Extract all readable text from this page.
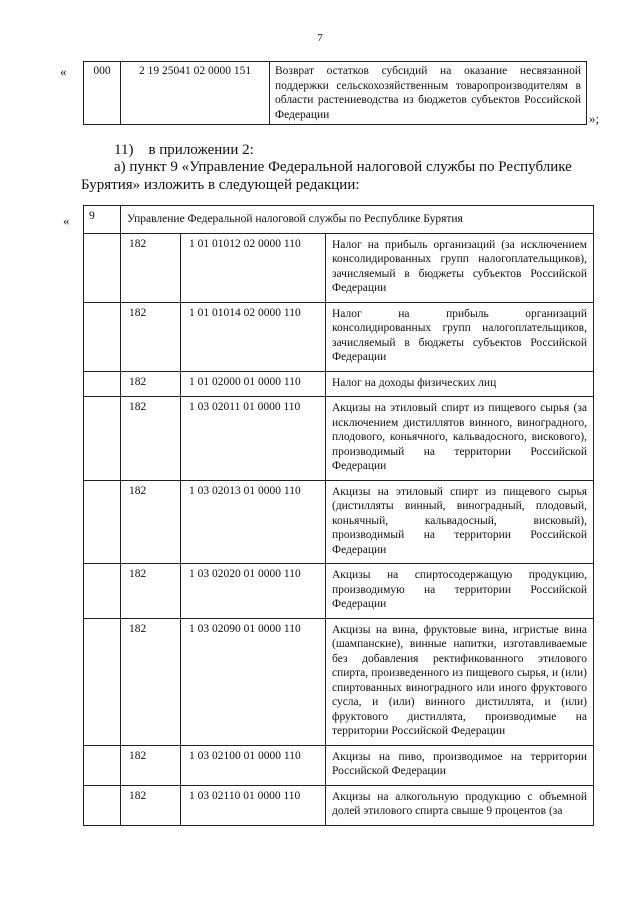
7
« 000	2 19 25041 02 0000 151	Возврат остатков субсидий на оказание несвязанной поддержки сельскохозяйственным товаропроизводителям в области растениеводства из бюджетов субъектов Российской Федерации	»;
11)    в приложении 2:
а) пункт 9 «Управление Федеральной налоговой службы по Республике
Бурятия» изложить в следующей редакции:
« 9	Управление Федеральной налоговой службы по Республике Бурятия		
	182	1 01 01012 02 0000 110	Налог на прибыль организаций (за исключением консолидированных групп налогоплательщиков), зачисляемый в бюджеты субъектов Российской Федерации
	182	1 01 01014 02 0000 110	Налог на прибыль организаций консолидированных групп налогоплательщиков, зачисляемый в бюджеты субъектов Российской Федерации
	182	1 01 02000 01 0000 110	Налог на доходы физических лиц
	182	1 03 02011 01 0000 110	Акцизы на этиловый спирт из пищевого сырья (за исключением дистиллятов винного, виноградного, плодового, коньячного, кальвадосного, вискового), производимый на территории Российской Федерации
	182	1 03 02013 01 0000 110	Акцизы на этиловый спирт из пищевого сырья (дистилляты винный, виноградный, плодовый, коньячный, кальвадосный, висковый), производимый на территории Российской Федерации
	182	1 03 02020 01 0000 110	Акцизы на спиртосодержащую продукцию, производимую на территории Российской Федерации
	182	1 03 02090 01 0000 110	Акцизы на вина, фруктовые вина, игристые вина (шампанские), винные напитки, изготавливаемые без добавления ректификованного этилового спирта, произведенного из пищевого сырья, и (или) спиртованных виноградного или иного фруктового сусла, и (или) винного дистиллята, и (или) фруктового дистиллята, производимые на территории Российской Федерации
	182	1 03 02100 01 0000 110	Акцизы на пиво, производимое на территории Российской Федерации
	182	1 03 02110 01 0000 110	Акцизы на алкогольную продукцию с объемной долей этилового спирта свыше 9 процентов (за
